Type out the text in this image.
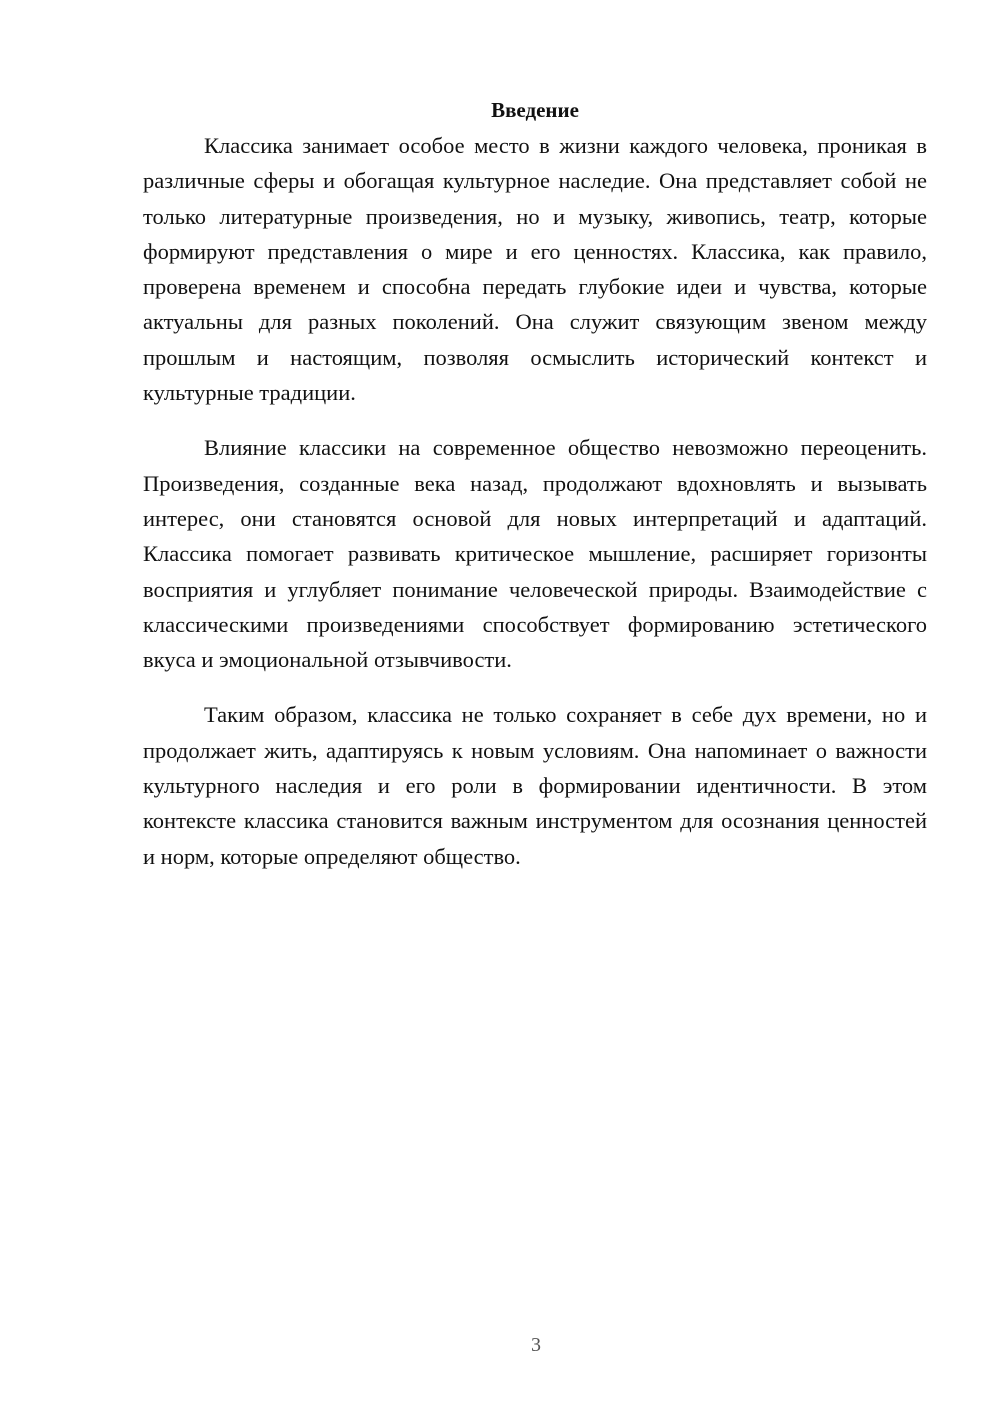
Введение

Классика занимает особое место в жизни каждого человека, проникая в различные сферы и обогащая культурное наследие. Она представляет собой не только литературные произведения, но и музыку, живопись, театр, которые формируют представления о мире и его ценностях. Классика, как правило, проверена временем и способна передать глубокие идеи и чувства, которые актуальны для разных поколений. Она служит связующим звеном между прошлым и настоящим, позволяя осмыслить исторический контекст и культурные традиции.

Влияние классики на современное общество невозможно переоценить. Произведения, созданные века назад, продолжают вдохновлять и вызывать интерес, они становятся основой для новых интерпретаций и адаптаций. Классика помогает развивать критическое мышление, расширяет горизонты восприятия и углубляет понимание человеческой природы. Взаимодействие с классическими произведениями способствует формированию эстетического вкуса и эмоциональной отзывчивости.

Таким образом, классика не только сохраняет в себе дух времени, но и продолжает жить, адаптируясь к новым условиям. Она напоминает о важности культурного наследия и его роли в формировании идентичности. В этом контексте классика становится важным инструментом для осознания ценностей и норм, которые определяют общество.

3
